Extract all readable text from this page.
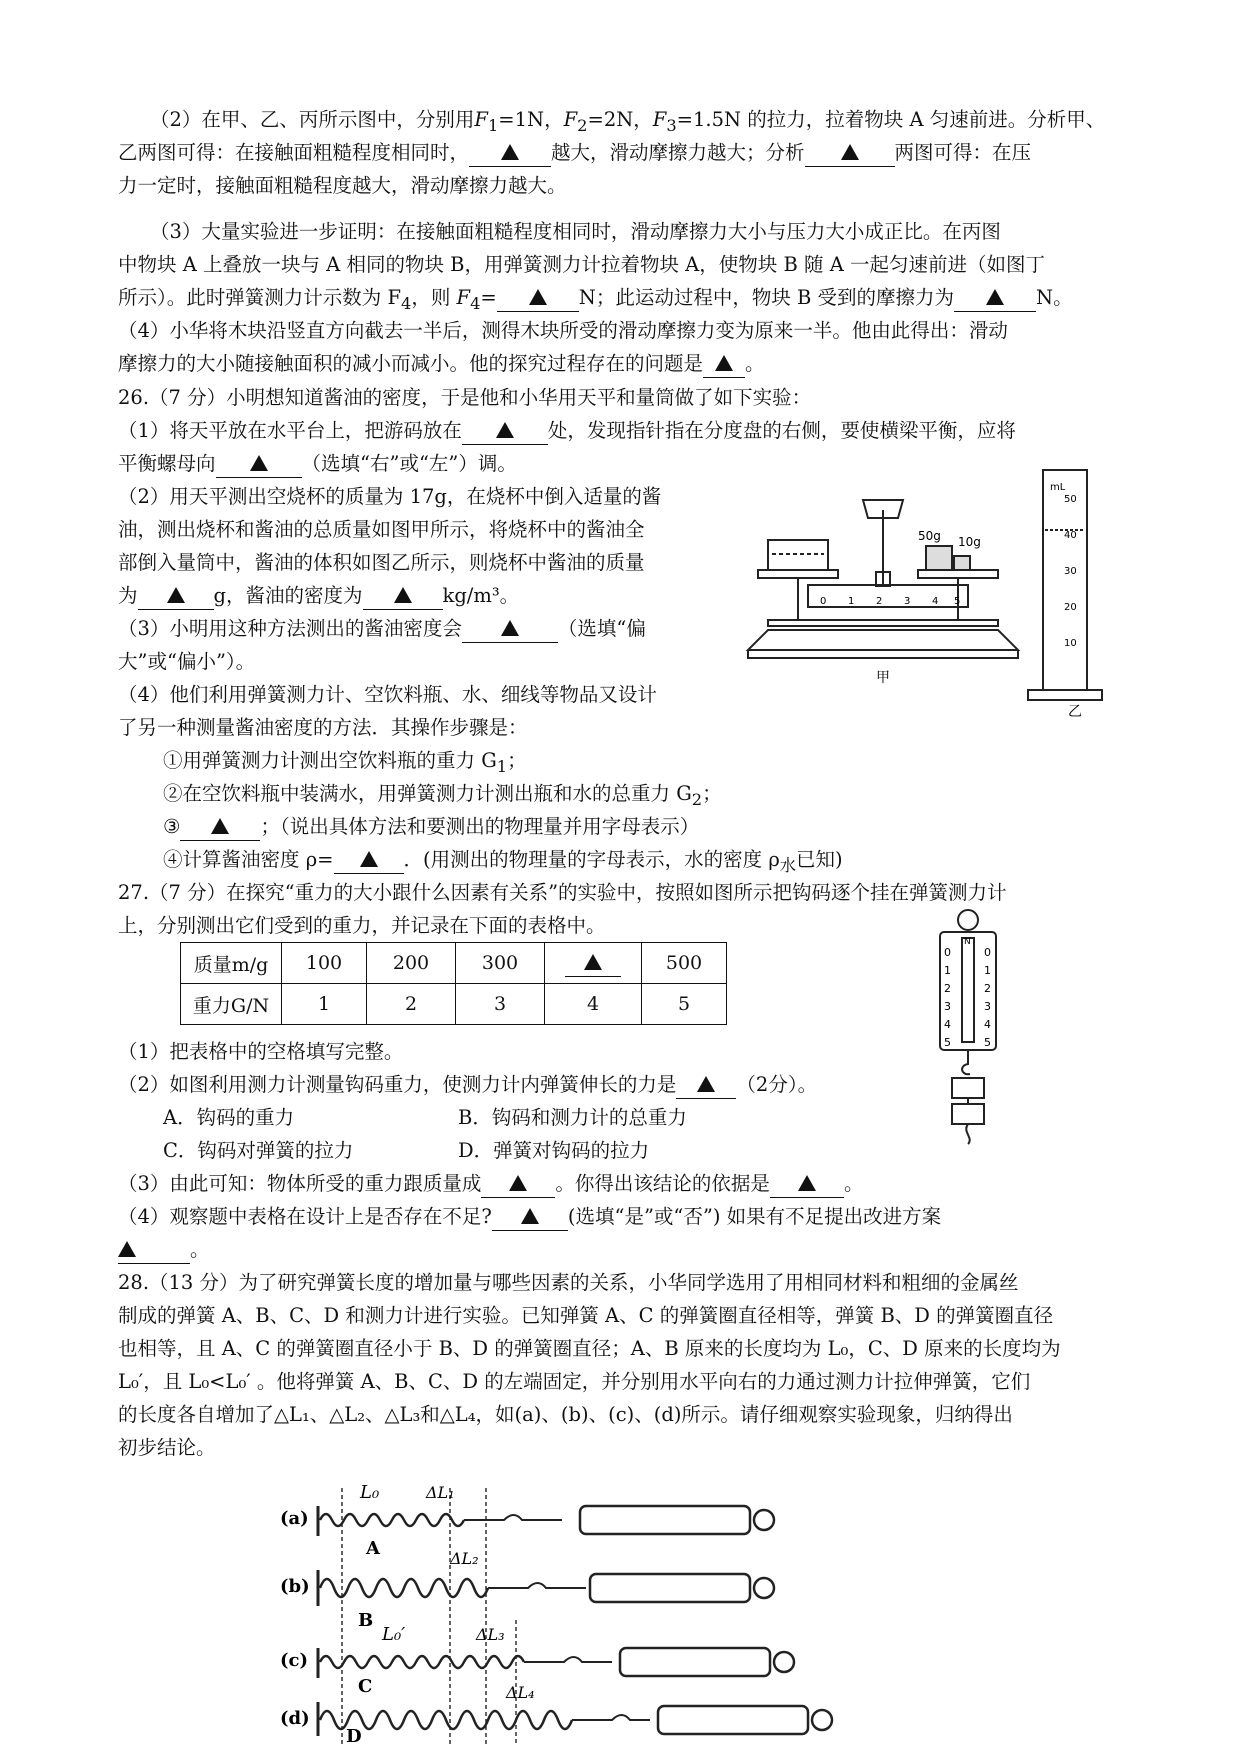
（2）在甲、乙、丙所示图中，分别用$F_1=1N$，$F_2=2N$，$F_3=1.5N$ 的拉力，拉着物块 A 匀速前进。分析甲、
乙两图可得：在接触面粗糙程度相同时，	越大，滑动摩擦力越大；分析	两图可得：在压
力一定时，接触面粗糙程度越大，滑动摩擦力越大。
（3）大量实验进一步证明：在接触面粗糙程度相同时，滑动摩擦力大小与压力大小成正比。在丙图
中物块 A 上叠放一块与 A 相同的物块 B，用弹簧测力计拉着物块 A，使物块 B 随 A 一起匀速前进（如图丁
所示）。此时弹簧测力计示数为 $F_4$，则 $F_4=$	N；此运动过程中，物块 B 受到的摩擦力为	N。
（4）小华将木块沿竖直方向截去一半后，测得木块所受的滑动摩擦力变为原来一半。他由此得出：滑动
摩擦力的大小随接触面积的减小而减小。他的探究过程存在的问题是 。
26.（7 分）小明想知道酱油的密度，于是他和小华用天平和量筒做了如下实验：
（1）将天平放在水平台上，把游码放在	处，发现指针指在分度盘的右侧，要使横梁平衡，应将
平衡螺母向	（选填“右”或“左”）调。
（2）用天平测出空烧杯的质量为 17g，在烧杯中倒入适量的酱
油，测出烧杯和酱油的总质量如图甲所示，将烧杯中的酱油全
部倒入量筒中，酱油的体积如图乙所示，则烧杯中酱油的质量
为	g，酱油的密度为	kg/m³。
（3）小明用这种方法测出的酱油密度会	（选填“偏
大”或“偏小”）。
（4）他们利用弹簧测力计、空饮料瓶、水、细线等物品又设计
了另一种测量酱油密度的方法．其操作步骤是：
①用弹簧测力计测出空饮料瓶的重力 $G_1$；
②在空饮料瓶中装满水，用弹簧测力计测出瓶和水的总重力 $G_2$；
③	；（说出具体方法和要测出的物理量并用字母表示）
④计算酱油密度 ρ=	．(用测出的物理量的字母表示，水的密度 $\rho_水$已知)
0 1 2 3 4 5
50g 10g
甲
mL
50
40
30
20
10
乙
27.（7 分）在探究“重力的大小跟什么因素有关系”的实验中，按照如图所示把钩码逐个挂在弹簧测力计
上，分别测出它们受到的重力，并记录在下面的表格中。
质量m/g	100	200	300		500
重力G/N	1	2	3	4	5
N
0
1
2
3
4
5
0
1
2
3
4
5
（1）把表格中的空格填写完整。
（2）如图利用测力计测量钩码重力，使测力计内弹簧伸长的力是	（2分）。
A．钩码的重力	B．钩码和测力计的总重力
C．钩码对弹簧的拉力	D．弹簧对钩码的拉力
（3）由此可知：物体所受的重力跟质量成	。你得出该结论的依据是	。
（4）观察题中表格在设计上是否存在不足?	(选填“是”或“否”) 如果有不足提出改进方案
。
28.（13 分）为了研究弹簧长度的增加量与哪些因素的关系，小华同学选用了用相同材料和粗细的金属丝
制成的弹簧 A、B、C、D 和测力计进行实验。已知弹簧 A、C 的弹簧圈直径相等，弹簧 B、D 的弹簧圈直径
也相等，且 A、C 的弹簧圈直径小于 B、D 的弹簧圈直径；A、B 原来的长度均为 L₀，C、D 原来的长度均为
L₀′，且 L₀<L₀′ 。他将弹簧 A、B、C、D 的左端固定，并分别用水平向右的力通过测力计拉伸弹簧，它们
的长度各自增加了△L₁、△L₂、△L₃和△L₄，如(a)、(b)、(c)、(d)所示。请仔细观察实验现象，归纳得出
初步结论。
(a)
L₀	ΔL₁
A
(b)
ΔL₂
B
(c)
L₀′	ΔL₃
C
(d)
ΔL₄
D
